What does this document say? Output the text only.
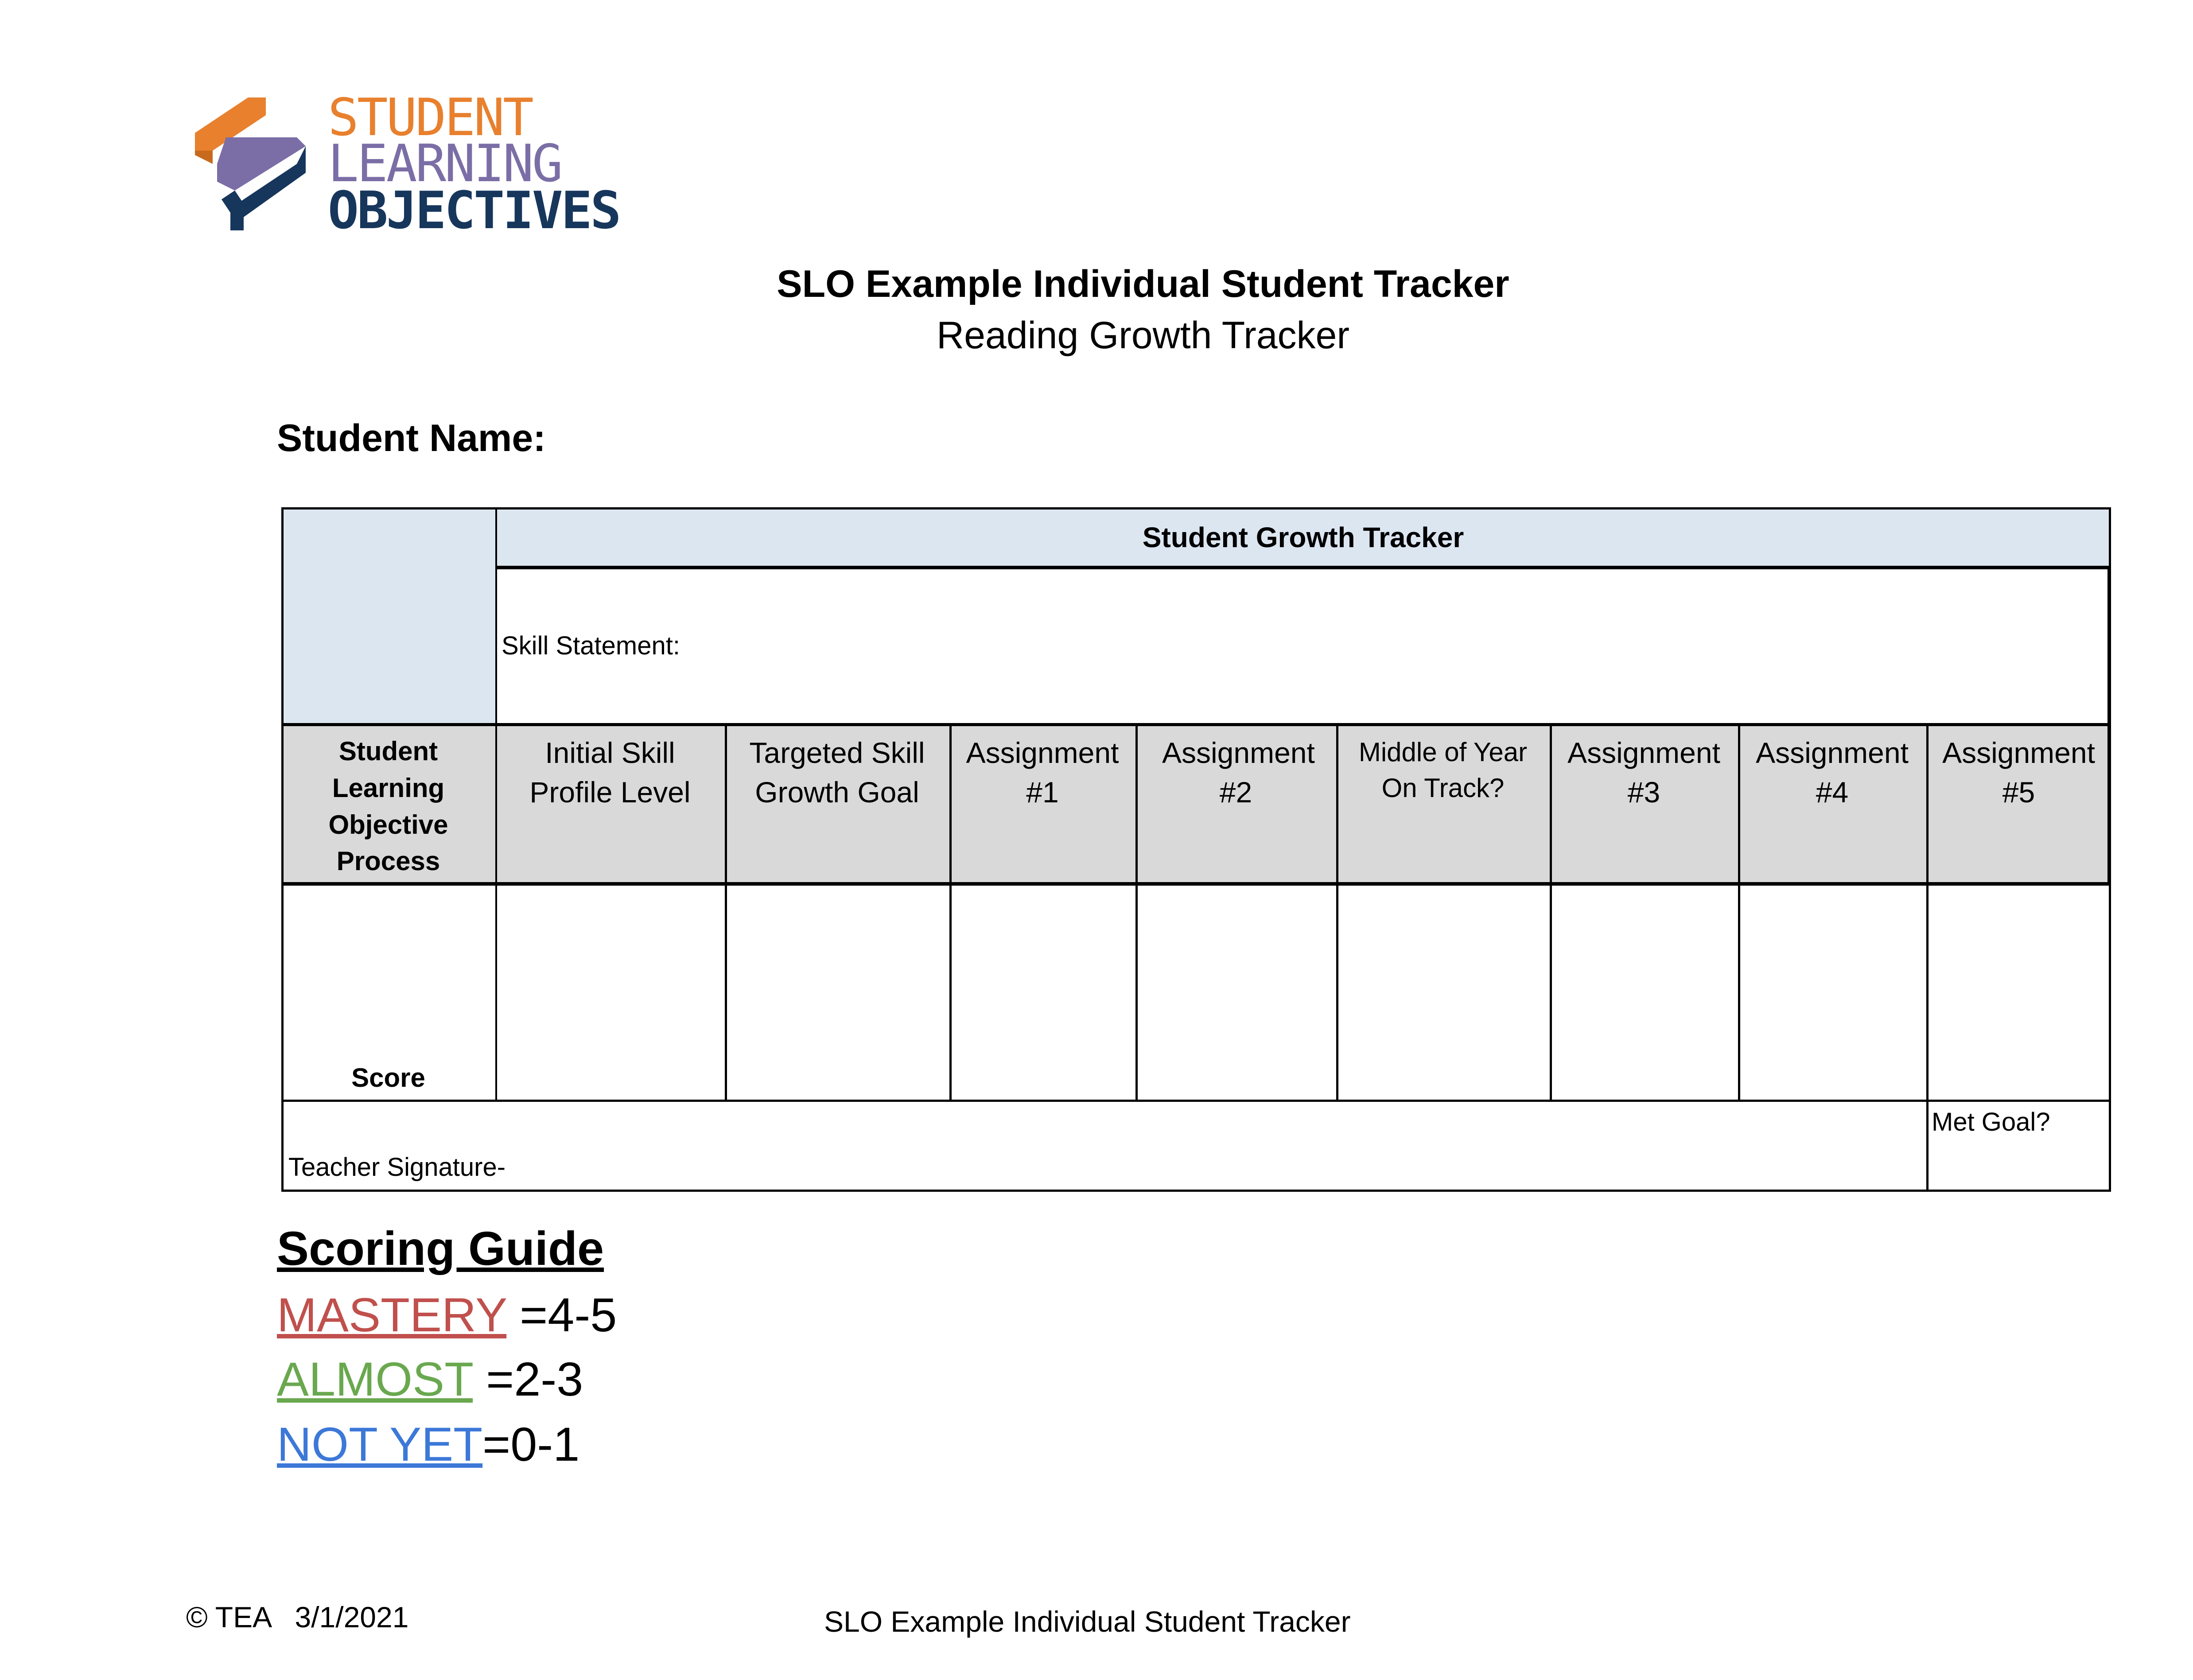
STUDENT
LEARNING
OBJECTIVES
SLO Example Individual Student Tracker
Reading Growth Tracker
Student Name:
Student Growth Tracker
Skill Statement:
Student Learning Objective Process
Initial Skill Profile Level
Targeted Skill Growth Goal
Assignment #1
Assignment #2
Middle of Year On Track?
Assignment #3
Assignment #4
Assignment #5
Score
Teacher Signature-
Met Goal?
Scoring Guide
MASTERY =4-5
ALMOST =2-3
NOT YET=0-1
© TEA   3/1/2021	SLO Example Individual Student Tracker
